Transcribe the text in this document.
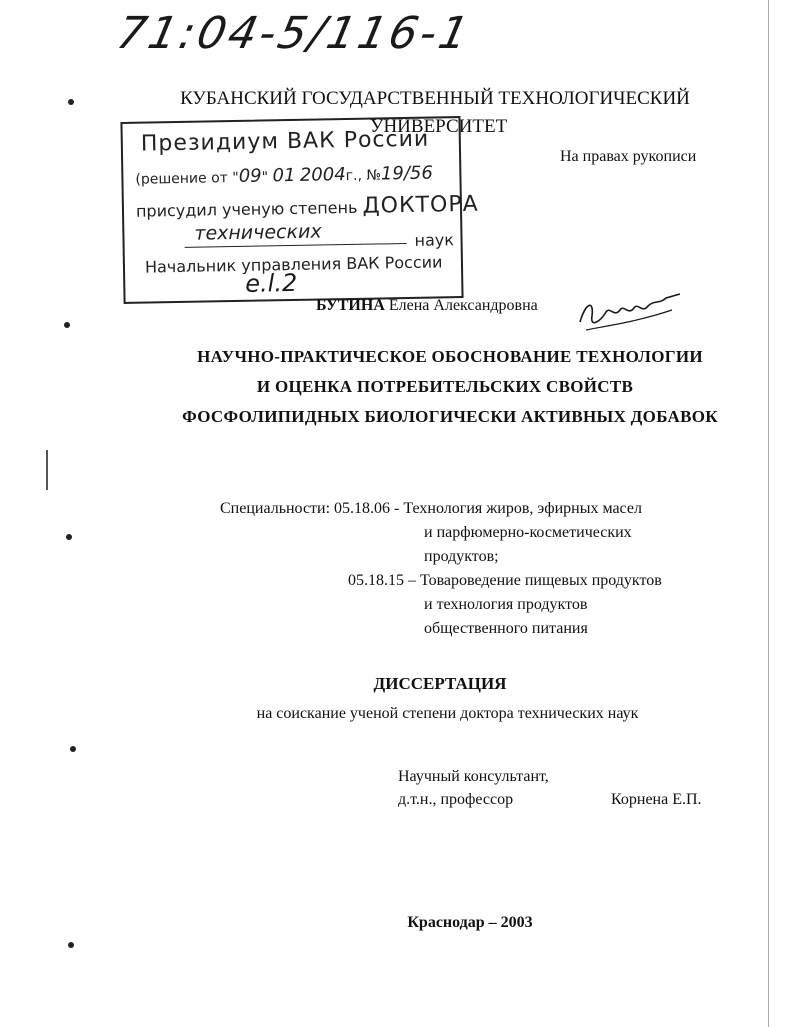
71:04-5/116-1
КУБАНСКИЙ ГОСУДАРСТВЕННЫЙ ТЕХНОЛОГИЧЕСКИЙ
УНИВЕРСИТЕТ
На правах рукописи
Президиум ВАК России
(решение от "09" 01 2004г., №19/56
присудил ученую степень ДОКТОРА
технических	наук
Начальник управления ВАК России
e.l.2
БУТИНА Елена Александровна
НАУЧНО-ПРАКТИЧЕСКОЕ ОБОСНОВАНИЕ ТЕХНОЛОГИИ
И ОЦЕНКА ПОТРЕБИТЕЛЬСКИХ СВОЙСТВ
ФОСФОЛИПИДНЫХ БИОЛОГИЧЕСКИ АКТИВНЫХ ДОБАВОК
Специальности: 05.18.06 - Технология жиров, эфирных масел
и парфюмерно-косметических
продуктов;
05.18.15 – Товароведение пищевых продуктов
и технология продуктов
общественного питания
ДИССЕРТАЦИЯ
на соискание ученой степени доктора технических наук
Научный консультант,
д.т.н., профессор	Корнена Е.П.
Краснодар – 2003
